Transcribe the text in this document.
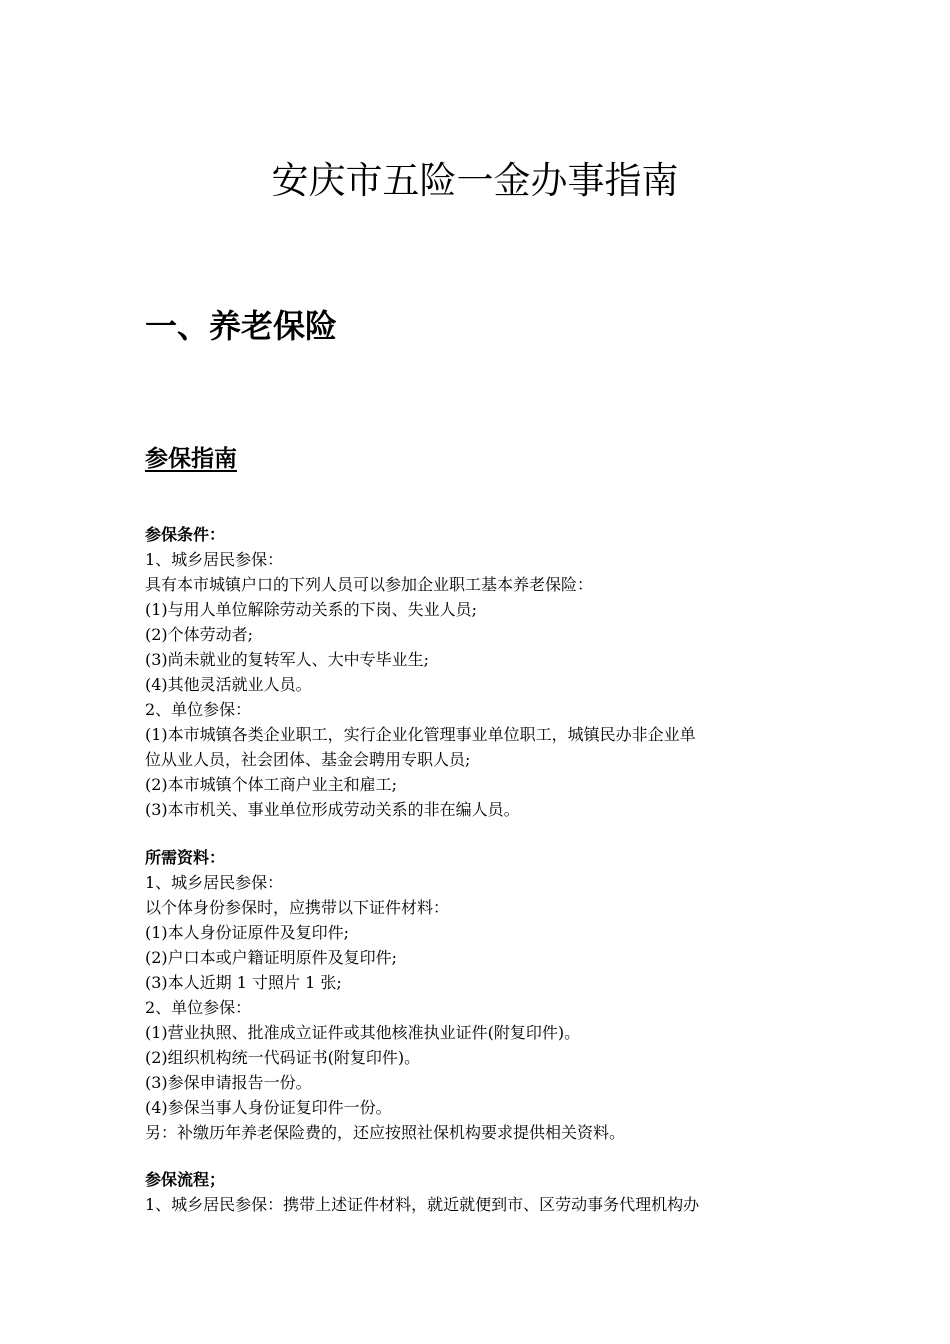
安庆市五险一金办事指南
一、养老保险
参保指南
参保条件：
1、城乡居民参保：
具有本市城镇户口的下列人员可以参加企业职工基本养老保险：
(1)与用人单位解除劳动关系的下岗、失业人员;
(2)个体劳动者;
(3)尚未就业的复转军人、大中专毕业生;
(4)其他灵活就业人员。
2、单位参保：
(1)本市城镇各类企业职工，实行企业化管理事业单位职工，城镇民办非企业单
位从业人员，社会团体、基金会聘用专职人员;
(2)本市城镇个体工商户业主和雇工;
(3)本市机关、事业单位形成劳动关系的非在编人员。
所需资料：
1、城乡居民参保：
以个体身份参保时，应携带以下证件材料：
(1)本人身份证原件及复印件;
(2)户口本或户籍证明原件及复印件;
(3)本人近期 1 寸照片 1 张;
2、单位参保：
(1)营业执照、批准成立证件或其他核准执业证件(附复印件)。
(2)组织机构统一代码证书(附复印件)。
(3)参保申请报告一份。
(4)参保当事人身份证复印件一份。
另：补缴历年养老保险费的，还应按照社保机构要求提供相关资料。
参保流程；
1、城乡居民参保：携带上述证件材料，就近就便到市、区劳动事务代理机构办
